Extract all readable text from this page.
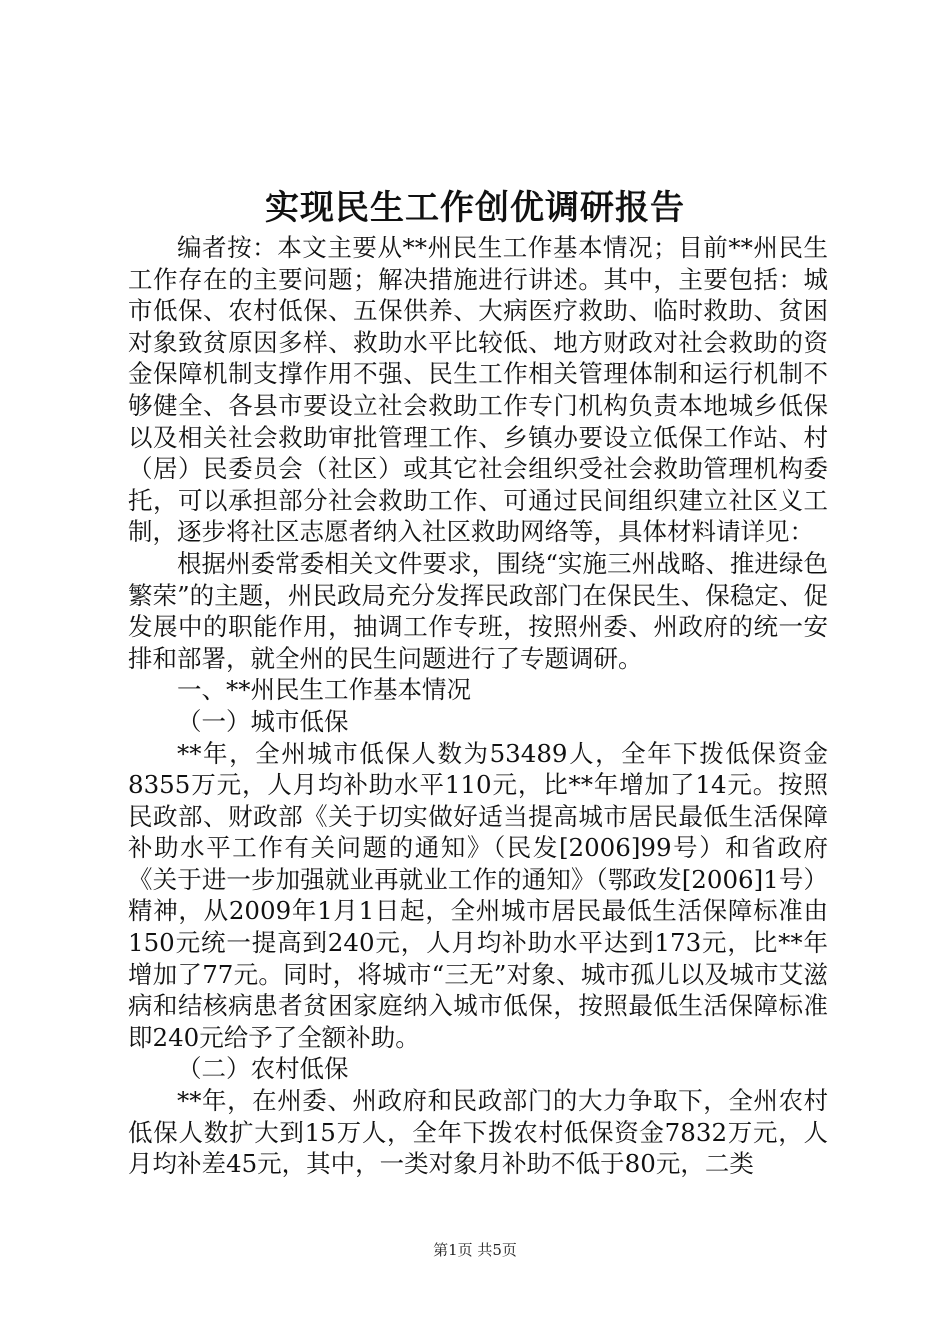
实现民生工作创优调研报告

编者按：本文主要从**州民生工作基本情况；目前**州民生工作存在的主要问题；解决措施进行讲述。其中，主要包括：城市低保、农村低保、五保供养、大病医疗救助、临时救助、贫困对象致贫原因多样、救助水平比较低、地方财政对社会救助的资金保障机制支撑作用不强、民生工作相关管理体制和运行机制不够健全、各县市要设立社会救助工作专门机构负责本地城乡低保以及相关社会救助审批管理工作、乡镇办要设立低保工作站、村（居）民委员会（社区）或其它社会组织受社会救助管理机构委托，可以承担部分社会救助工作、可通过民间组织建立社区义工制，逐步将社区志愿者纳入社区救助网络等，具体材料请详见：

根据州委常委相关文件要求，围绕“实施三州战略、推进绿色繁荣”的主题，州民政局充分发挥民政部门在保民生、保稳定、促发展中的职能作用，抽调工作专班，按照州委、州政府的统一安排和部署，就全州的民生问题进行了专题调研。

一、**州民生工作基本情况

（一）城市低保

**年，全州城市低保人数为53489人，全年下拨低保资金8355万元，人月均补助水平110元，比**年增加了14元。按照民政部、财政部《关于切实做好适当提高城市居民最低生活保障补助水平工作有关问题的通知》（民发[2006]99号）和省政府《关于进一步加强就业再就业工作的通知》（鄂政发[2006]1号）精神，从2009年1月1日起，全州城市居民最低生活保障标准由150元统一提高到240元，人月均补助水平达到173元，比**年增加了77元。同时，将城市“三无”对象、城市孤儿以及城市艾滋病和结核病患者贫困家庭纳入城市低保，按照最低生活保障标准即240元给予了全额补助。

（二）农村低保

**年，在州委、州政府和民政部门的大力争取下，全州农村低保人数扩大到15万人，全年下拨农村低保资金7832万元，人月均补差45元，其中，一类对象月补助不低于80元，二类

第1页 共5页
